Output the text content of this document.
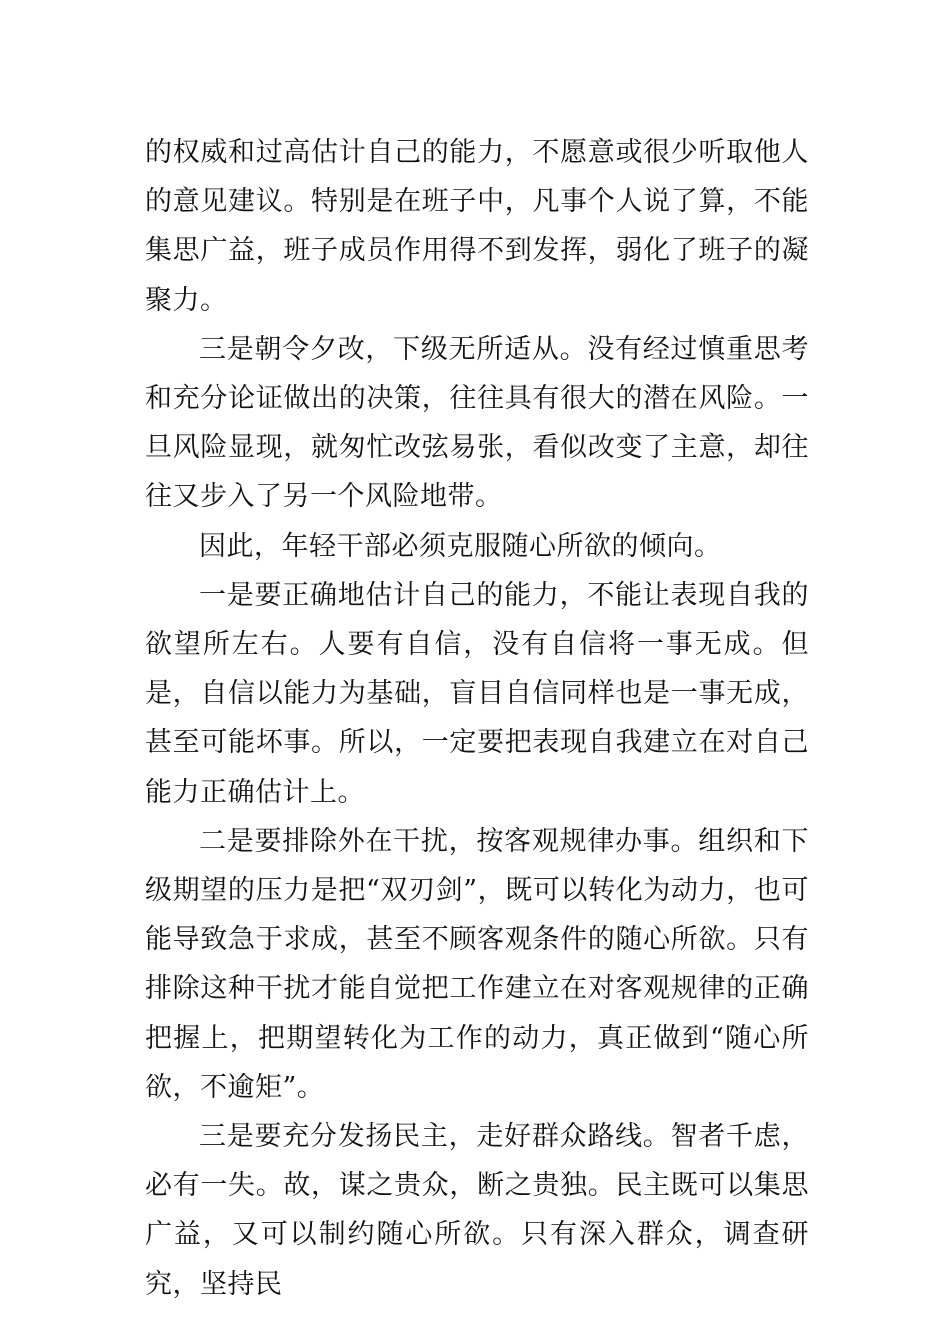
的权威和过高估计自己的能力，不愿意或很少听取他人的意见建议。特别是在班子中，凡事个人说了算，不能集思广益，班子成员作用得不到发挥，弱化了班子的凝聚力。

三是朝令夕改，下级无所适从。没有经过慎重思考和充分论证做出的决策，往往具有很大的潜在风险。一旦风险显现，就匆忙改弦易张，看似改变了主意，却往往又步入了另一个风险地带。

因此，年轻干部必须克服随心所欲的倾向。

一是要正确地估计自己的能力，不能让表现自我的欲望所左右。人要有自信，没有自信将一事无成。但是，自信以能力为基础，盲目自信同样也是一事无成，甚至可能坏事。所以，一定要把表现自我建立在对自己能力正确估计上。

二是要排除外在干扰，按客观规律办事。组织和下级期望的压力是把“双刃剑”，既可以转化为动力，也可能导致急于求成，甚至不顾客观条件的随心所欲。只有排除这种干扰才能自觉把工作建立在对客观规律的正确把握上，把期望转化为工作的动力，真正做到“随心所欲，不逾矩”。

三是要充分发扬民主，走好群众路线。智者千虑，必有一失。故，谋之贵众，断之贵独。民主既可以集思广益，又可以制约随心所欲。只有深入群众，调查研究，坚持民
